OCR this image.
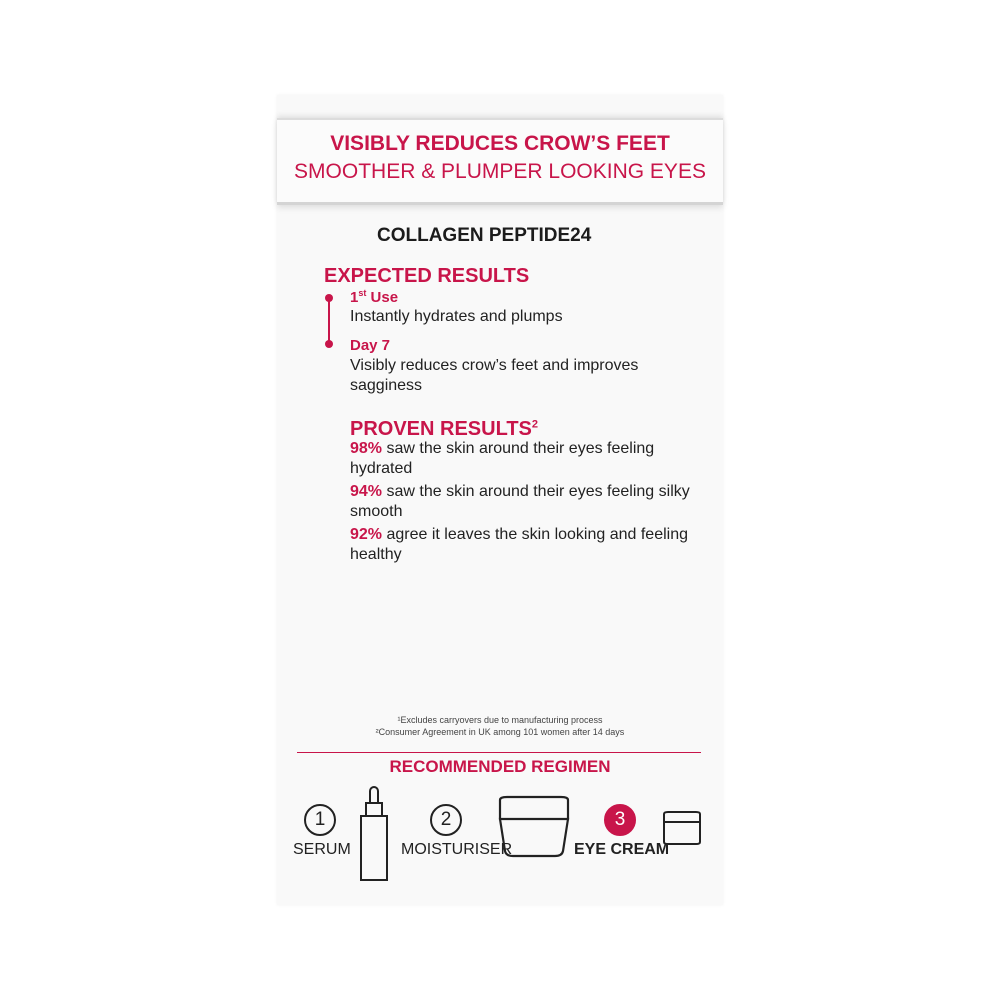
VISIBLY REDUCES CROW’S FEET
SMOOTHER & PLUMPER LOOKING EYES
COLLAGEN PEPTIDE24
EXPECTED RESULTS
1st Use
Instantly hydrates and plumps
Day 7
Visibly reduces crow’s feet and improves sagginess
PROVEN RESULTS$^2$
98% saw the skin around their eyes feeling hydrated
94% saw the skin around their eyes feeling silky smooth
92% agree it leaves the skin looking and feeling healthy
¹Excludes carryovers due to manufacturing process
²Consumer Agreement in UK among 101 women after 14 days
RECOMMENDED REGIMEN
1
SERUM
2
MOISTURISER
3
EYE CREAM
